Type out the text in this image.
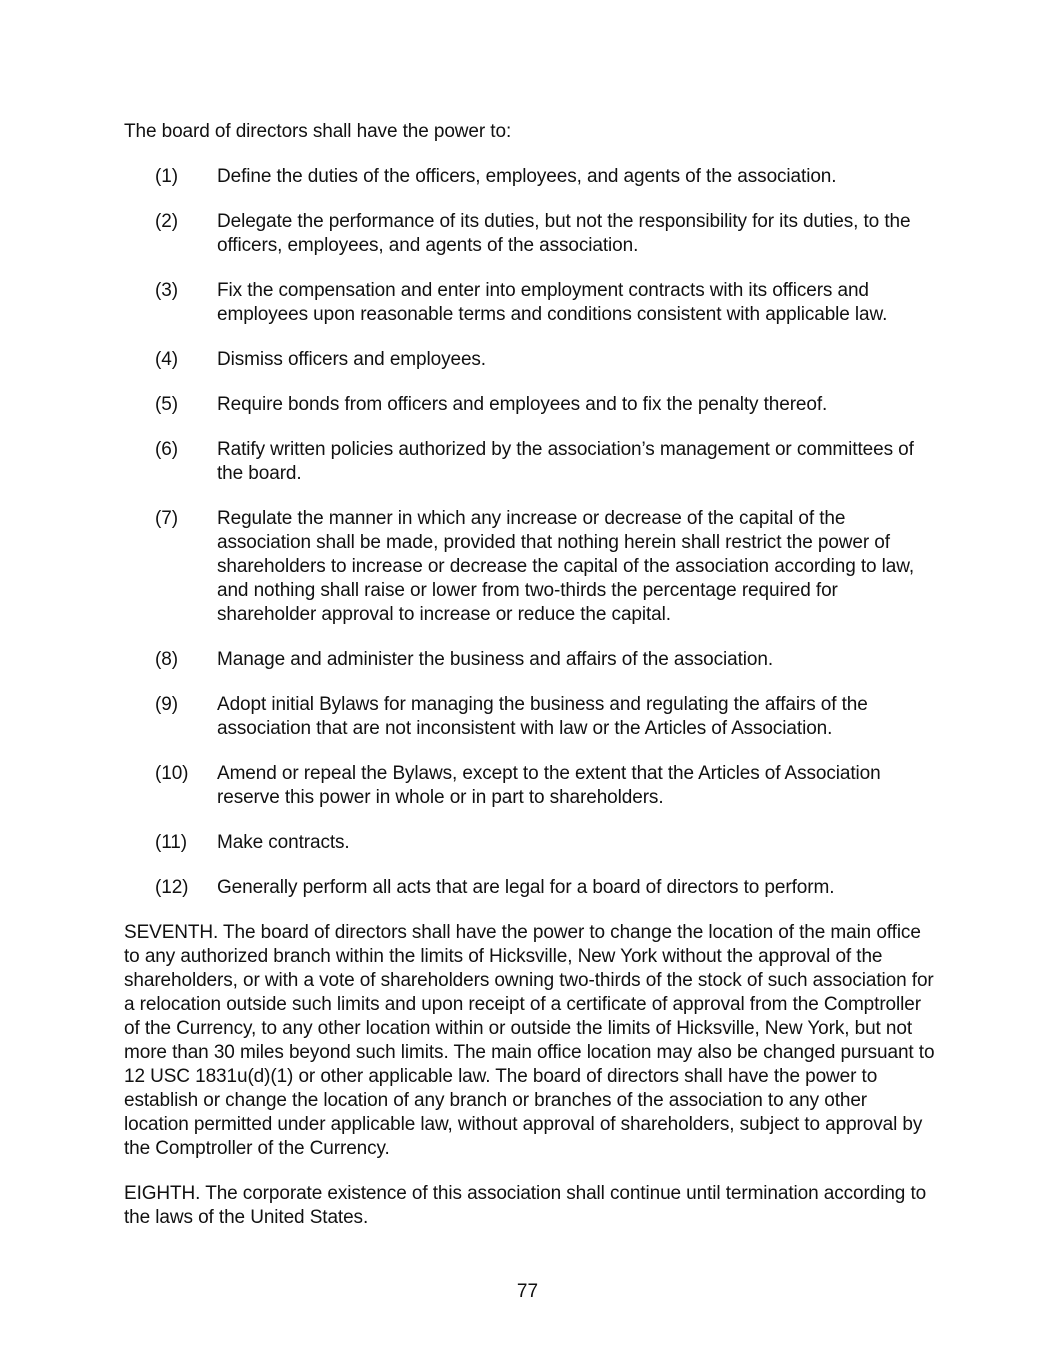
The board of directors shall have the power to:

(1)	Define the duties of the officers, employees, and agents of the association.
(2)	Delegate the performance of its duties, but not the responsibility for its duties, to the officers, employees, and agents of the association.
(3)	Fix the compensation and enter into employment contracts with its officers and employees upon reasonable terms and conditions consistent with applicable law.
(4)	Dismiss officers and employees.
(5)	Require bonds from officers and employees and to fix the penalty thereof.
(6)	Ratify written policies authorized by the association’s management or committees of the board.
(7)	Regulate the manner in which any increase or decrease of the capital of the association shall be made, provided that nothing herein shall restrict the power of shareholders to increase or decrease the capital of the association according to law, and nothing shall raise or lower from two-thirds the percentage required for shareholder approval to increase or reduce the capital.
(8)	Manage and administer the business and affairs of the association.
(9)	Adopt initial Bylaws for managing the business and regulating the affairs of the association that are not inconsistent with law or the Articles of Association.
(10)	Amend or repeal the Bylaws, except to the extent that the Articles of Association reserve this power in whole or in part to shareholders.
(11)	Make contracts.
(12)	Generally perform all acts that are legal for a board of directors to perform.

SEVENTH. The board of directors shall have the power to change the location of the main office to any authorized branch within the limits of Hicksville, New York without the approval of the shareholders, or with a vote of shareholders owning two-thirds of the stock of such association for a relocation outside such limits and upon receipt of a certificate of approval from the Comptroller of the Currency, to any other location within or outside the limits of Hicksville, New York, but not more than 30 miles beyond such limits. The main office location may also be changed pursuant to 12 USC 1831u(d)(1) or other applicable law. The board of directors shall have the power to establish or change the location of any branch or branches of the association to any other location permitted under applicable law, without approval of shareholders, subject to approval by the Comptroller of the Currency.

EIGHTH. The corporate existence of this association shall continue until termination according to the laws of the United States.

77
